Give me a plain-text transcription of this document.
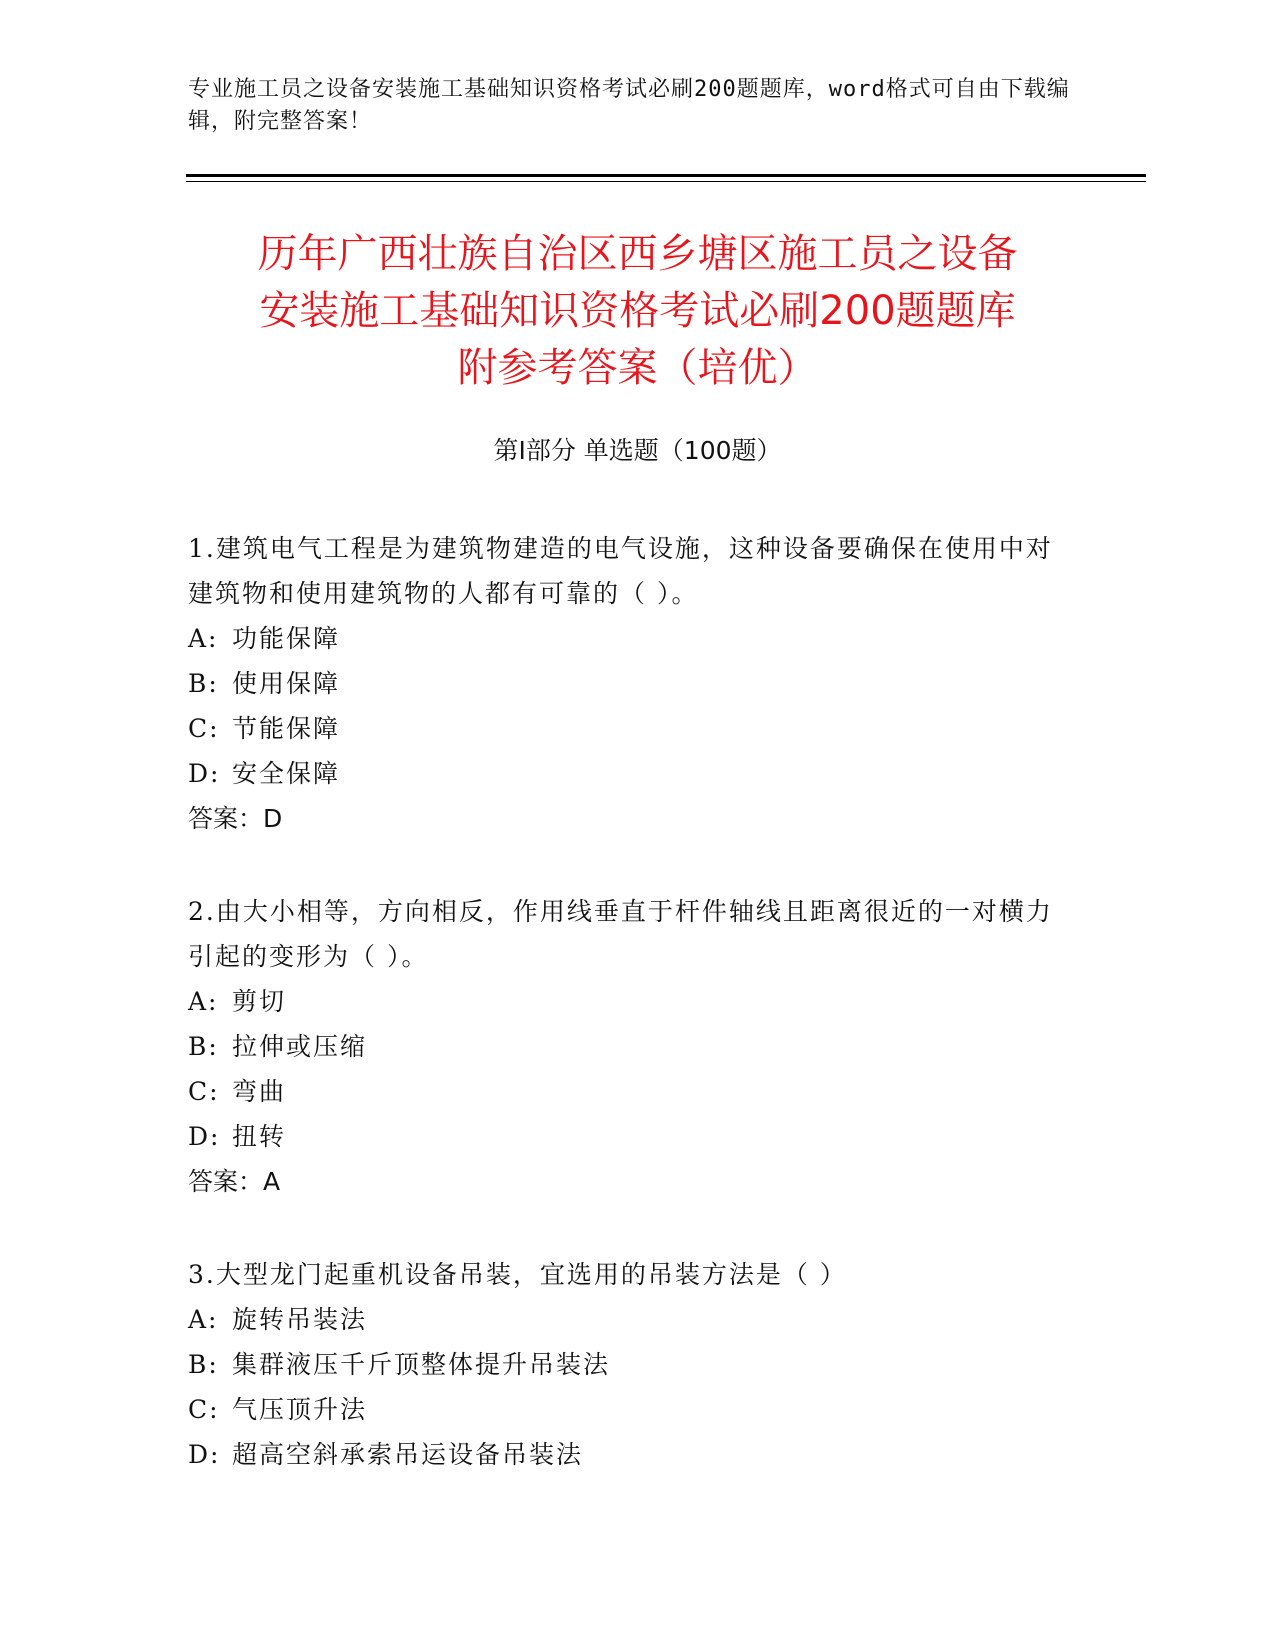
专业施工员之设备安装施工基础知识资格考试必刷200题题库，word格式可自由下载编辑，附完整答案！
历年广西壮族自治区西乡塘区施工员之设备
安装施工基础知识资格考试必刷200题题库
附参考答案（培优）
第Ⅰ部分 单选题（100题）
1.建筑电气工程是为建筑物建造的电气设施，这种设备要确保在使用中对建筑物和使用建筑物的人都有可靠的（ ）。
A: 功能保障
B: 使用保障
C: 节能保障
D: 安全保障
答案：D
2.由大小相等，方向相反，作用线垂直于杆件轴线且距离很近的一对横力引起的变形为（ ）。
A: 剪切
B: 拉伸或压缩
C: 弯曲
D: 扭转
答案：A
3.大型龙门起重机设备吊装，宜选用的吊装方法是（ ）
A: 旋转吊装法
B: 集群液压千斤顶整体提升吊装法
C: 气压顶升法
D: 超高空斜承索吊运设备吊装法
